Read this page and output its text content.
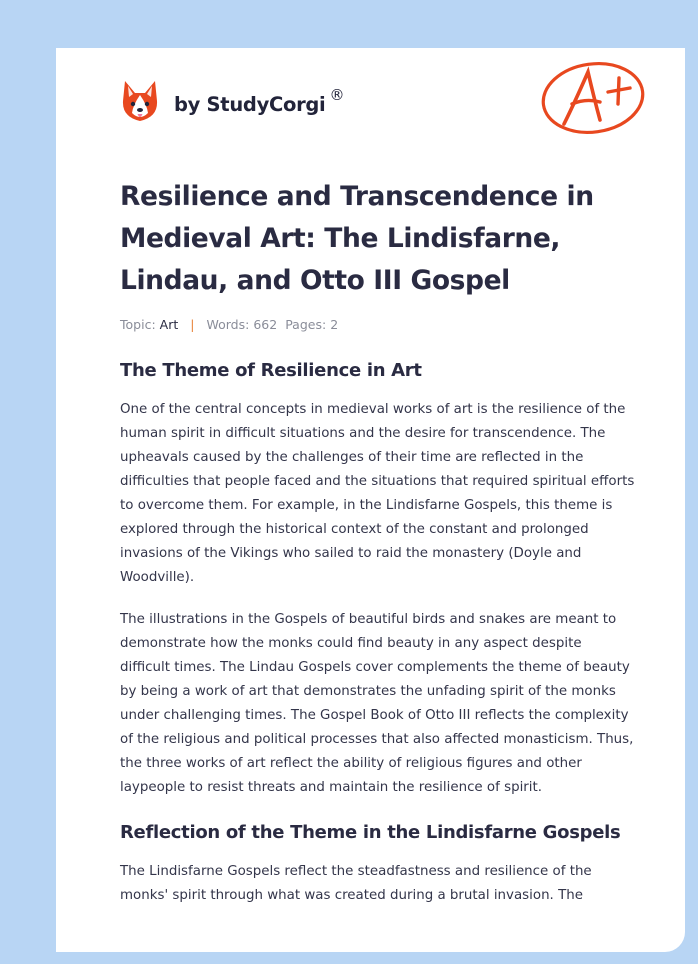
by StudyCorgi ®
A+
Resilience and Transcendence in Medieval Art: The Lindisfarne, Lindau, and Otto III Gospel
Topic: Art | Words: 662 Pages: 2
The Theme of Resilience in Art

One of the central concepts in medieval works of art is the resilience of the human spirit in difficult situations and the desire for transcendence. The upheavals caused by the challenges of their time are reflected in the difficulties that people faced and the situations that required spiritual efforts to overcome them. For example, in the Lindisfarne Gospels, this theme is explored through the historical context of the constant and prolonged invasions of the Vikings who sailed to raid the monastery (Doyle and Woodville).

The illustrations in the Gospels of beautiful birds and snakes are meant to demonstrate how the monks could find beauty in any aspect despite difficult times. The Lindau Gospels cover complements the theme of beauty by being a work of art that demonstrates the unfading spirit of the monks under challenging times. The Gospel Book of Otto III reflects the complexity of the religious and political processes that also affected monasticism. Thus, the three works of art reflect the ability of religious figures and other laypeople to resist threats and maintain the resilience of spirit.

Reflection of the Theme in the Lindisfarne Gospels

The Lindisfarne Gospels reflect the steadfastness and resilience of the monks' spirit through what was created during a brutal invasion. The
